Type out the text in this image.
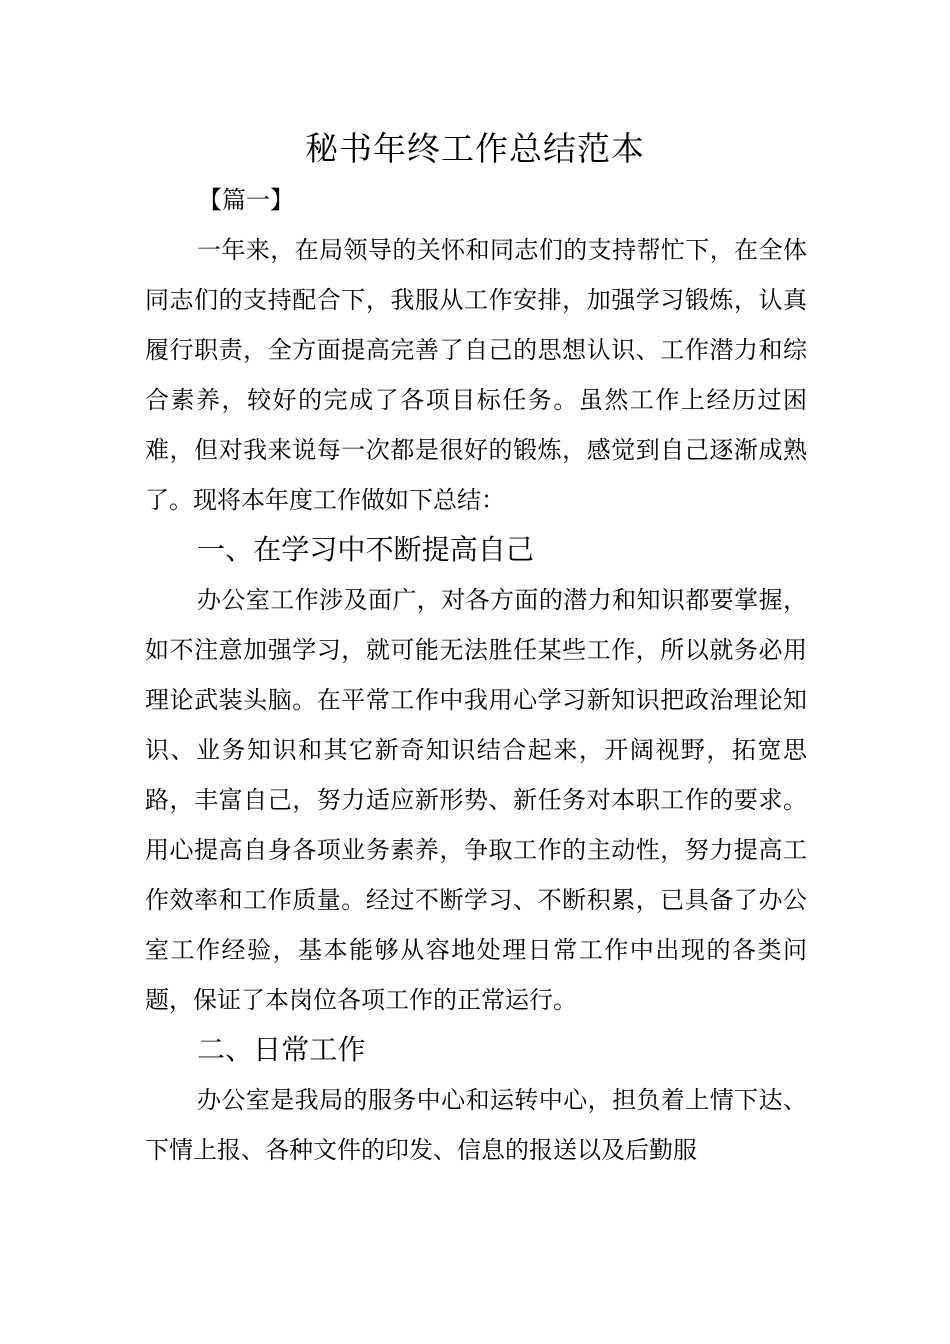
秘书年终工作总结范本
【篇一】

一年来，在局领导的关怀和同志们的支持帮忙下，在全体同志们的支持配合下，我服从工作安排，加强学习锻炼，认真履行职责，全方面提高完善了自己的思想认识、工作潜力和综合素养，较好的完成了各项目标任务。虽然工作上经历过困难，但对我来说每一次都是很好的锻炼，感觉到自己逐渐成熟了。现将本年度工作做如下总结：

一、在学习中不断提高自己

办公室工作涉及面广，对各方面的潜力和知识都要掌握，如不注意加强学习，就可能无法胜任某些工作，所以就务必用理论武装头脑。在平常工作中我用心学习新知识把政治理论知识、业务知识和其它新奇知识结合起来，开阔视野，拓宽思路，丰富自己，努力适应新形势、新任务对本职工作的要求。用心提高自身各项业务素养，争取工作的主动性，努力提高工作效率和工作质量。经过不断学习、不断积累，已具备了办公室工作经验，基本能够从容地处理日常工作中出现的各类问题，保证了本岗位各项工作的正常运行。

二、日常工作

办公室是我局的服务中心和运转中心，担负着上情下达、下情上报、各种文件的印发、信息的报送以及后勤服
